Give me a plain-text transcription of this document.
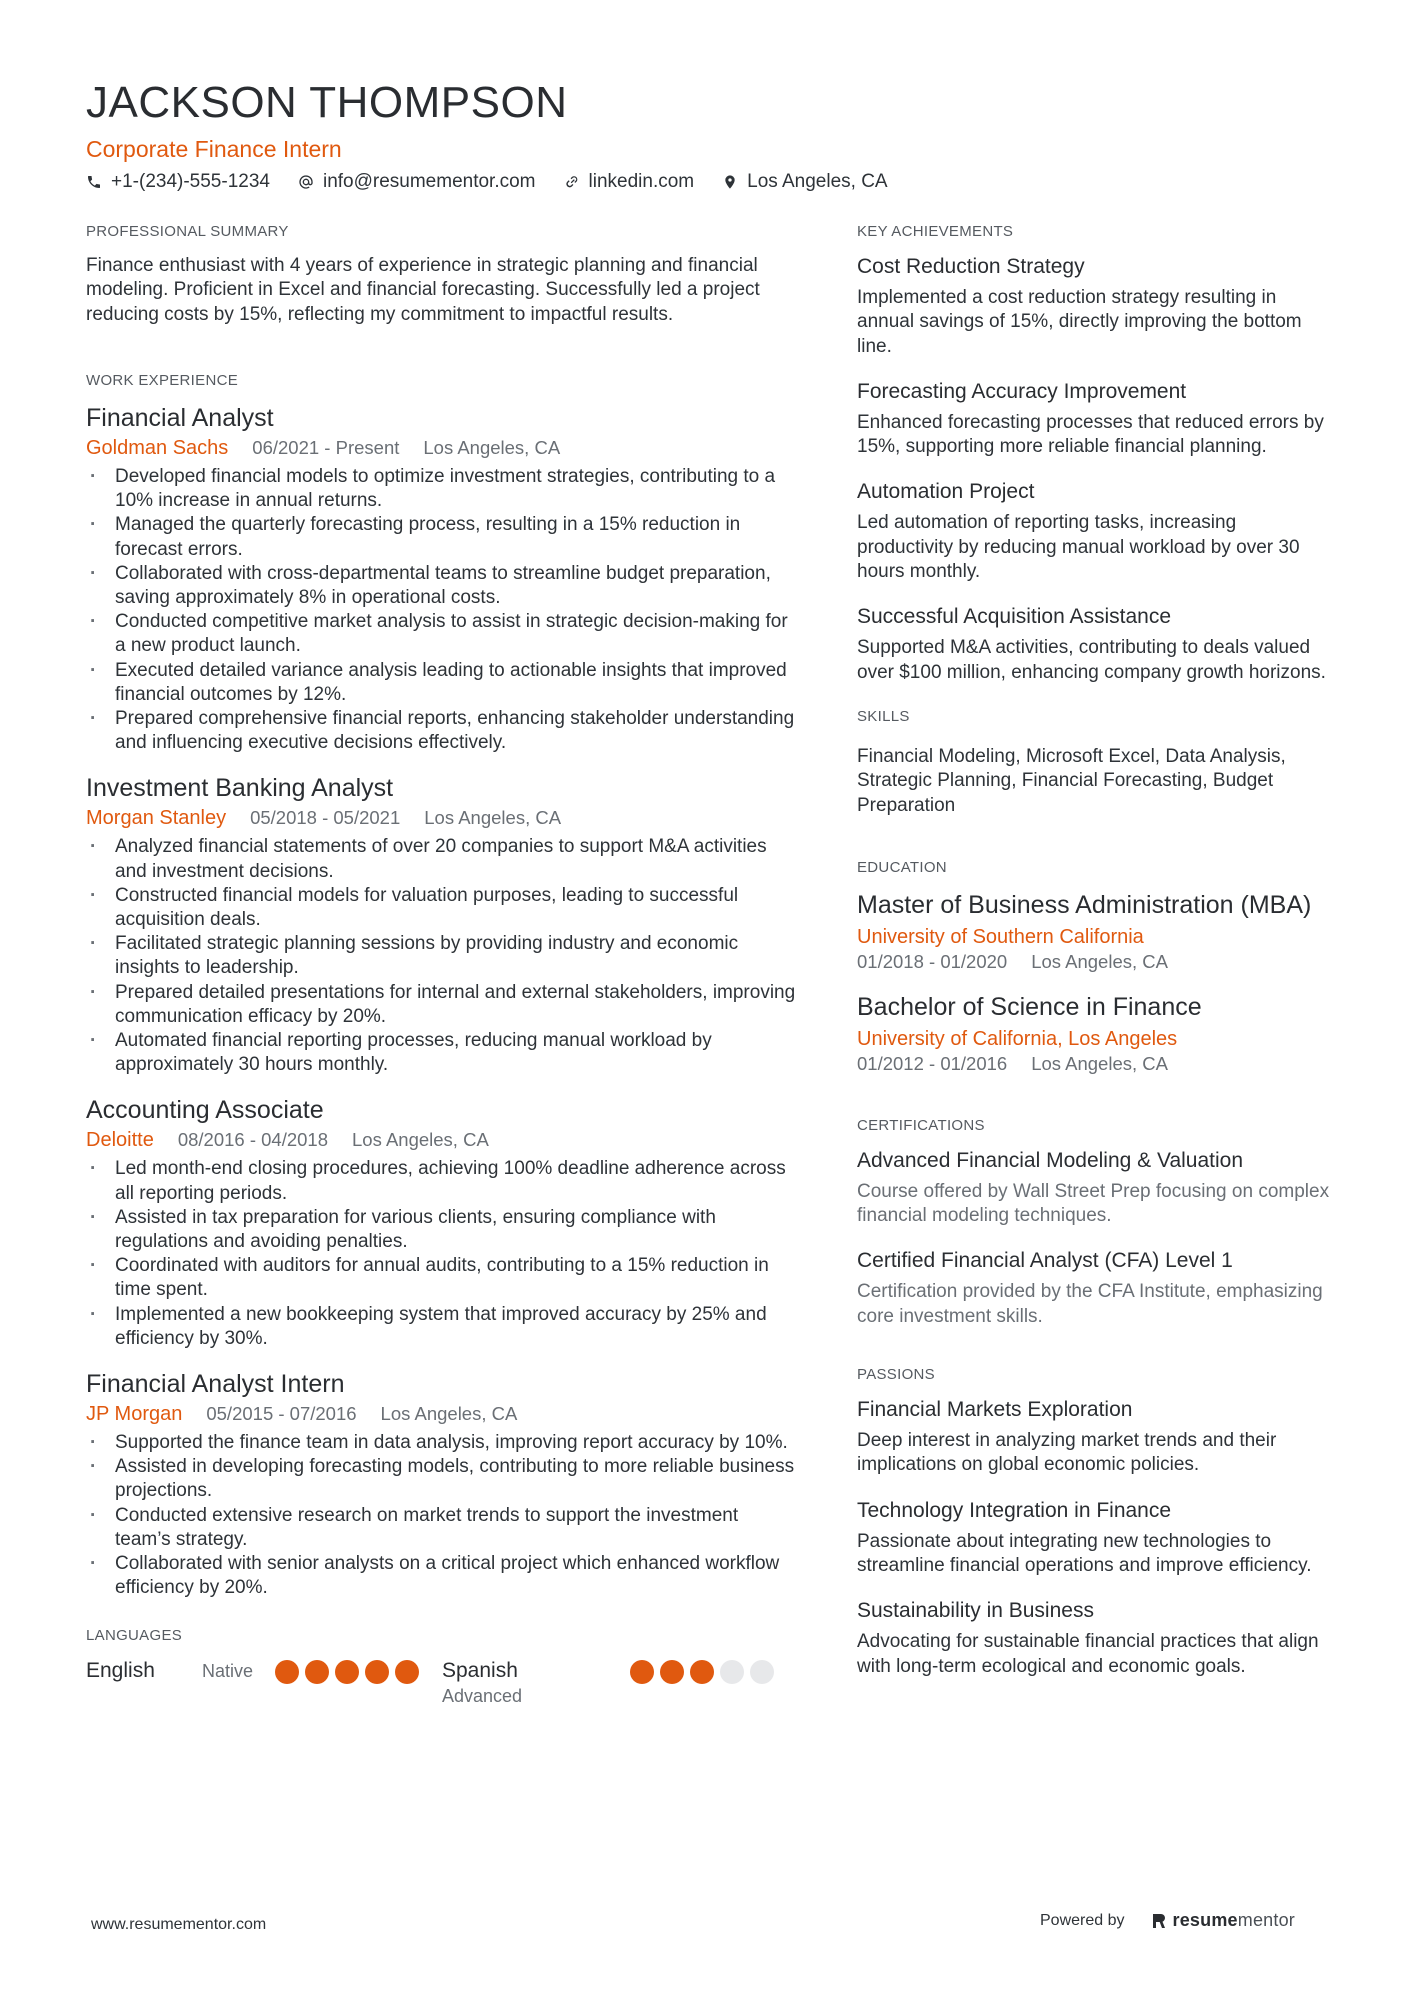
JACKSON THOMPSON
Corporate Finance Intern
+1-(234)-555-1234	info@resumementor.com	linkedin.com	Los Angeles, CA
PROFESSIONAL SUMMARY

Finance enthusiast with 4 years of experience in strategic planning and financial modeling. Proficient in Excel and financial forecasting. Successfully led a project reducing costs by 15%, reflecting my commitment to impactful results.

WORK EXPERIENCE
Financial Analyst
Goldman Sachs 06/2021 - Present Los Angeles, CA
· Developed financial models to optimize investment strategies, contributing to a 10% increase in annual returns.
· Managed the quarterly forecasting process, resulting in a 15% reduction in forecast errors.
· Collaborated with cross-departmental teams to streamline budget preparation, saving approximately 8% in operational costs.
· Conducted competitive market analysis to assist in strategic decision-making for a new product launch.
· Executed detailed variance analysis leading to actionable insights that improved financial outcomes by 12%.
· Prepared comprehensive financial reports, enhancing stakeholder understanding and influencing executive decisions effectively.
Investment Banking Analyst
Morgan Stanley 05/2018 - 05/2021 Los Angeles, CA
· Analyzed financial statements of over 20 companies to support M&A activities and investment decisions.
· Constructed financial models for valuation purposes, leading to successful acquisition deals.
· Facilitated strategic planning sessions by providing industry and economic insights to leadership.
· Prepared detailed presentations for internal and external stakeholders, improving communication efficacy by 20%.
· Automated financial reporting processes, reducing manual workload by approximately 30 hours monthly.
Accounting Associate
Deloitte 08/2016 - 04/2018 Los Angeles, CA
· Led month-end closing procedures, achieving 100% deadline adherence across all reporting periods.
· Assisted in tax preparation for various clients, ensuring compliance with regulations and avoiding penalties.
· Coordinated with auditors for annual audits, contributing to a 15% reduction in time spent.
· Implemented a new bookkeeping system that improved accuracy by 25% and efficiency by 30%.
Financial Analyst Intern
JP Morgan 05/2015 - 07/2016 Los Angeles, CA
· Supported the finance team in data analysis, improving report accuracy by 10%.
· Assisted in developing forecasting models, contributing to more reliable business projections.
· Conducted extensive research on market trends to support the investment team’s strategy.
· Collaborated with senior analysts on a critical project which enhanced workflow efficiency by 20%.
LANGUAGES
English	Native	Spanish
Advanced
KEY ACHIEVEMENTS
Cost Reduction Strategy

Implemented a cost reduction strategy resulting in annual savings of 15%, directly improving the bottom line.

Forecasting Accuracy Improvement

Enhanced forecasting processes that reduced errors by 15%, supporting more reliable financial planning.

Automation Project

Led automation of reporting tasks, increasing productivity by reducing manual workload by over 30 hours monthly.

Successful Acquisition Assistance

Supported M&A activities, contributing to deals valued over $100 million, enhancing company growth horizons.

SKILLS

Financial Modeling, Microsoft Excel, Data Analysis, Strategic Planning, Financial Forecasting, Budget Preparation

EDUCATION
Master of Business Administration (MBA)
University of Southern California
01/2018 - 01/2020 Los Angeles, CA
Bachelor of Science in Finance
University of California, Los Angeles
01/2012 - 01/2016 Los Angeles, CA
CERTIFICATIONS
Advanced Financial Modeling & Valuation

Course offered by Wall Street Prep focusing on complex financial modeling techniques.

Certified Financial Analyst (CFA) Level 1

Certification provided by the CFA Institute, emphasizing core investment skills.

PASSIONS
Financial Markets Exploration

Deep interest in analyzing market trends and their implications on global economic policies.

Technology Integration in Finance

Passionate about integrating new technologies to streamline financial operations and improve efficiency.

Sustainability in Business

Advocating for sustainable financial practices that align with long-term ecological and economic goals.

www.resumementor.com	Powered by	resumementor
